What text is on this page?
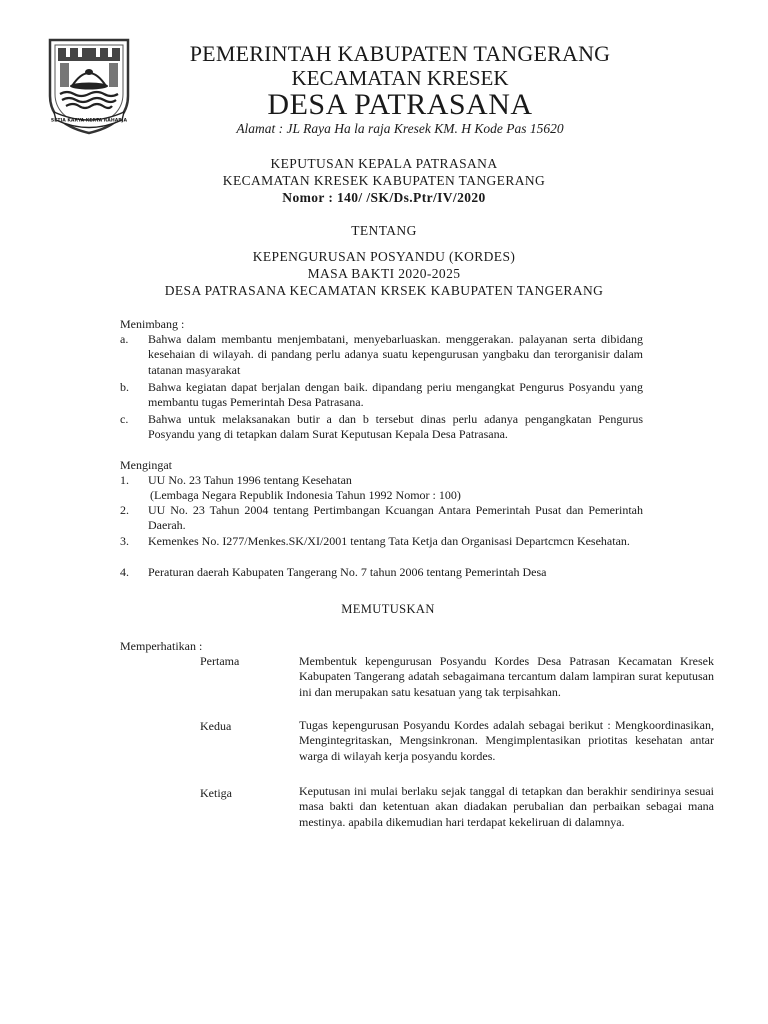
SETIA KARYA KERTA RAHARJA
PEMERINTAH KABUPATEN TANGERANG
KECAMATAN KRESEK
DESA PATRASANA
Alamat : JL Raya Ha la raja Kresek KM. H Kode Pas 15620
KEPUTUSAN KEPALA PATRASANA
KECAMATAN KRESEK KABUPATEN TANGERANG
Nomor : 140/ /SK/Ds.Ptr/IV/2020
TENTANG
KEPENGURUSAN POSYANDU (KORDES)
MASA BAKTI 2020-2025
DESA PATRASANA KECAMATAN KRSEK KABUPATEN TANGERANG
Menimbang :
a. Bahwa dalam membantu menjembatani, menyebarluaskan. menggerakan. palayanan serta dibidang kesehaian di wilayah. di pandang perlu adanya suatu kepengurusan yangbaku dan terorganisir dalam tatanan masyarakat
b. Bahwa kegiatan dapat berjalan dengan baik. dipandang periu mengangkat Pengurus Posyandu yang membantu tugas Pemerintah Desa Patrasana.
c. Bahwa untuk melaksanakan butir a dan b tersebut dinas perlu adanya pengangkatan Pengurus Posyandu yang di tetapkan dalam Surat Keputusan Kepala Desa Patrasana.
Mengingat
1. UU No. 23 Tahun 1996 tentang Kesehatan
(Lembaga Negara Republik Indonesia Tahun 1992 Nomor : 100)
2. UU No. 23 Tahun 2004 tentang Pertimbangan Kcuangan Antara Pemerintah Pusat dan Pemerintah Daerah.
3. Kemenkes No. I277/Menkes.SK/XI/2001 tentang Tata Ketja dan Organisasi Departcmcn Kesehatan.
4. Peraturan daerah Kabupaten Tangerang No. 7 tahun 2006 tentang Pemerintah Desa
MEMUTUSKAN
Memperhatikan :
Pertama	Membentuk kepengurusan Posyandu Kordes Desa Patrasan Kecamatan Kresek Kabupaten Tangerang adatah sebagaimana tercantum dalam lampiran surat keputusan ini dan merupakan satu kesatuan yang tak terpisahkan.
Kedua	Tugas kepengurusan Posyandu Kordes adalah sebagai berikut : Mengkoordinasikan, Mengintegritaskan, Mengsinkronan. Mengimplentasikan priotitas kesehatan antar warga di wilayah kerja posyandu kordes.
Ketiga	Keputusan ini mulai berlaku sejak tanggal di tetapkan dan berakhir sendirinya sesuai masa bakti dan ketentuan akan diadakan perubalian dan perbaikan sebagai mana mestinya. apabila dikemudian hari terdapat kekeliruan di dalamnya.
